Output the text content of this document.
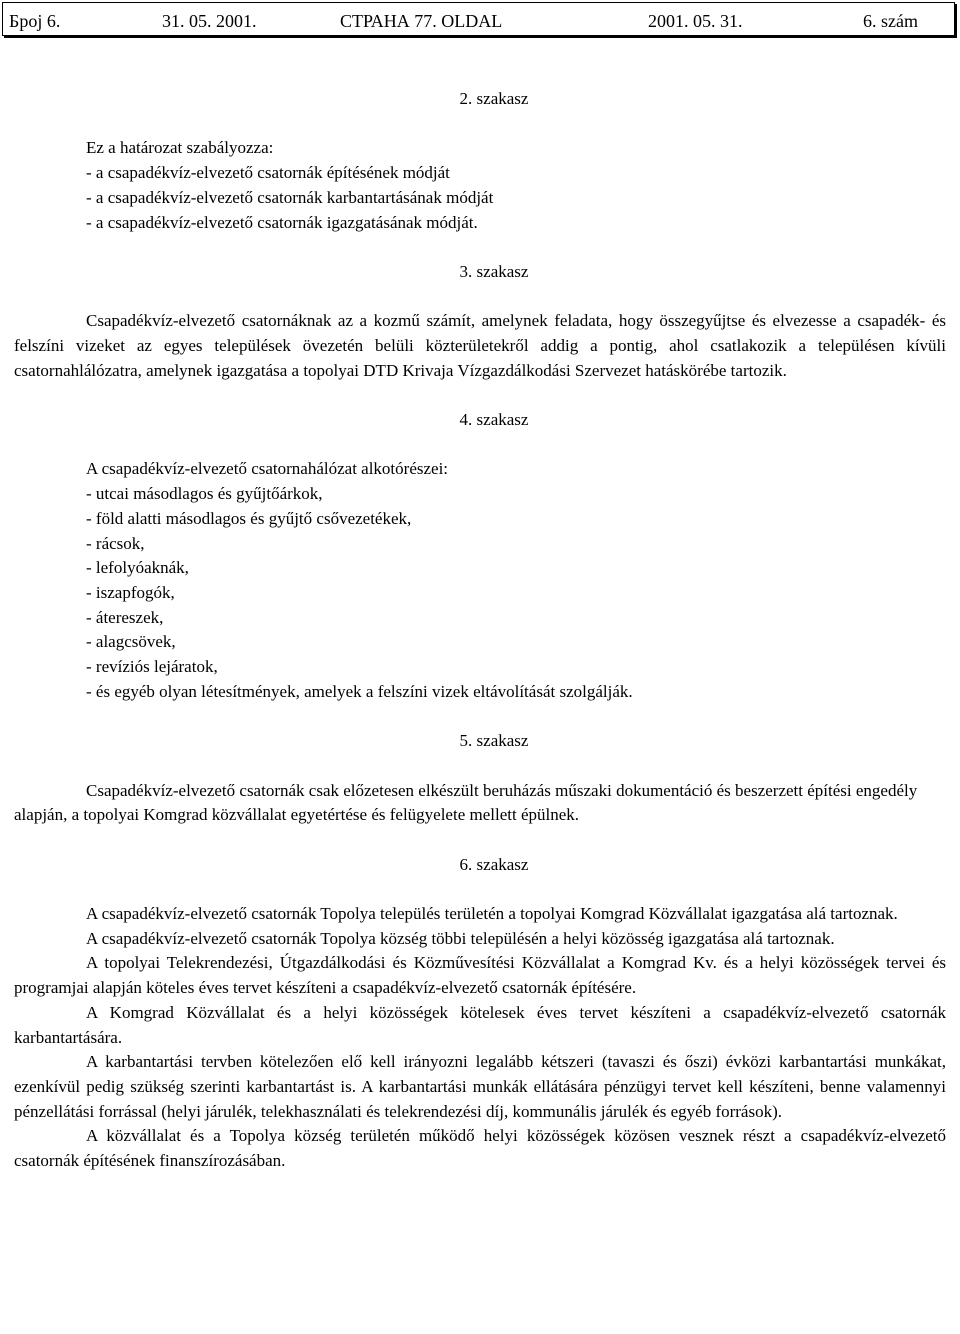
Број 6.	31. 05. 2001.	СТРАНА 77. OLDAL	2001. 05. 31.	6. szám
2. szakasz
Ez a határozat szabályozza:
- a csapadékvíz-elvezető csatornák építésének módját
- a csapadékvíz-elvezető csatornák karbantartásának módját
- a csapadékvíz-elvezető csatornák igazgatásának módját.
3. szakasz
Csapadékvíz-elvezető csatornáknak az a kozmű számít, amelynek feladata, hogy összegyűjtse és elvezesse a csapadék- és felszíni vizeket az egyes települések övezetén belüli közterületekről addig a pontig, ahol csatlakozik a településen kívüli csatornahlálózatra, amelynek igazgatása a topolyai DTD Krivaja Vízgazdálkodási Szervezet hatáskörébe tartozik.
4. szakasz
A csapadékvíz-elvezető csatornahálózat alkotórészei:
- utcai másodlagos és gyűjtőárkok,
- föld alatti másodlagos és gyűjtő csővezetékek,
- rácsok,
- lefolyóaknák,
- iszapfogók,
- átereszek,
- alagcsövek,
- revíziós lejáratok,
- és egyéb olyan létesítmények, amelyek a felszíni vizek eltávolítását szolgálják.
5. szakasz
Csapadékvíz-elvezető csatornák csak előzetesen elkészült beruházás műszaki dokumentáció és beszerzett építési engedély alapján, a topolyai Komgrad közvállalat egyetértése és felügyelete mellett épülnek.
6. szakasz
A csapadékvíz-elvezető csatornák Topolya település területén a topolyai Komgrad Közvállalat igazgatása alá tartoznak.
A csapadékvíz-elvezető csatornák Topolya község többi településén a helyi közösség igazgatása alá tartoznak.
A topolyai Telekrendezési, Útgazdálkodási és Közművesítési Közvállalat a Komgrad Kv. és a helyi közösségek tervei és programjai alapján köteles éves tervet készíteni a csapadékvíz-elvezető csatornák építésére.
A Komgrad Közvállalat és a helyi közösségek kötelesek éves tervet készíteni a csapadékvíz-elvezető csatornák karbantartására.
A karbantartási tervben kötelezően elő kell irányozni legalább kétszeri (tavaszi és őszi) évközi karbantartási munkákat, ezenkívül pedig szükség szerinti karbantartást is. A karbantartási munkák ellátására pénzügyi tervet kell készíteni, benne valamennyi pénzellátási forrással (helyi járulék, telekhasználati és telekrendezési díj, kommunális járulék és egyéb források).
A közvállalat és a Topolya község területén működő helyi közösségek közösen vesznek részt a csapadékvíz-elvezető csatornák építésének finanszírozásában.
